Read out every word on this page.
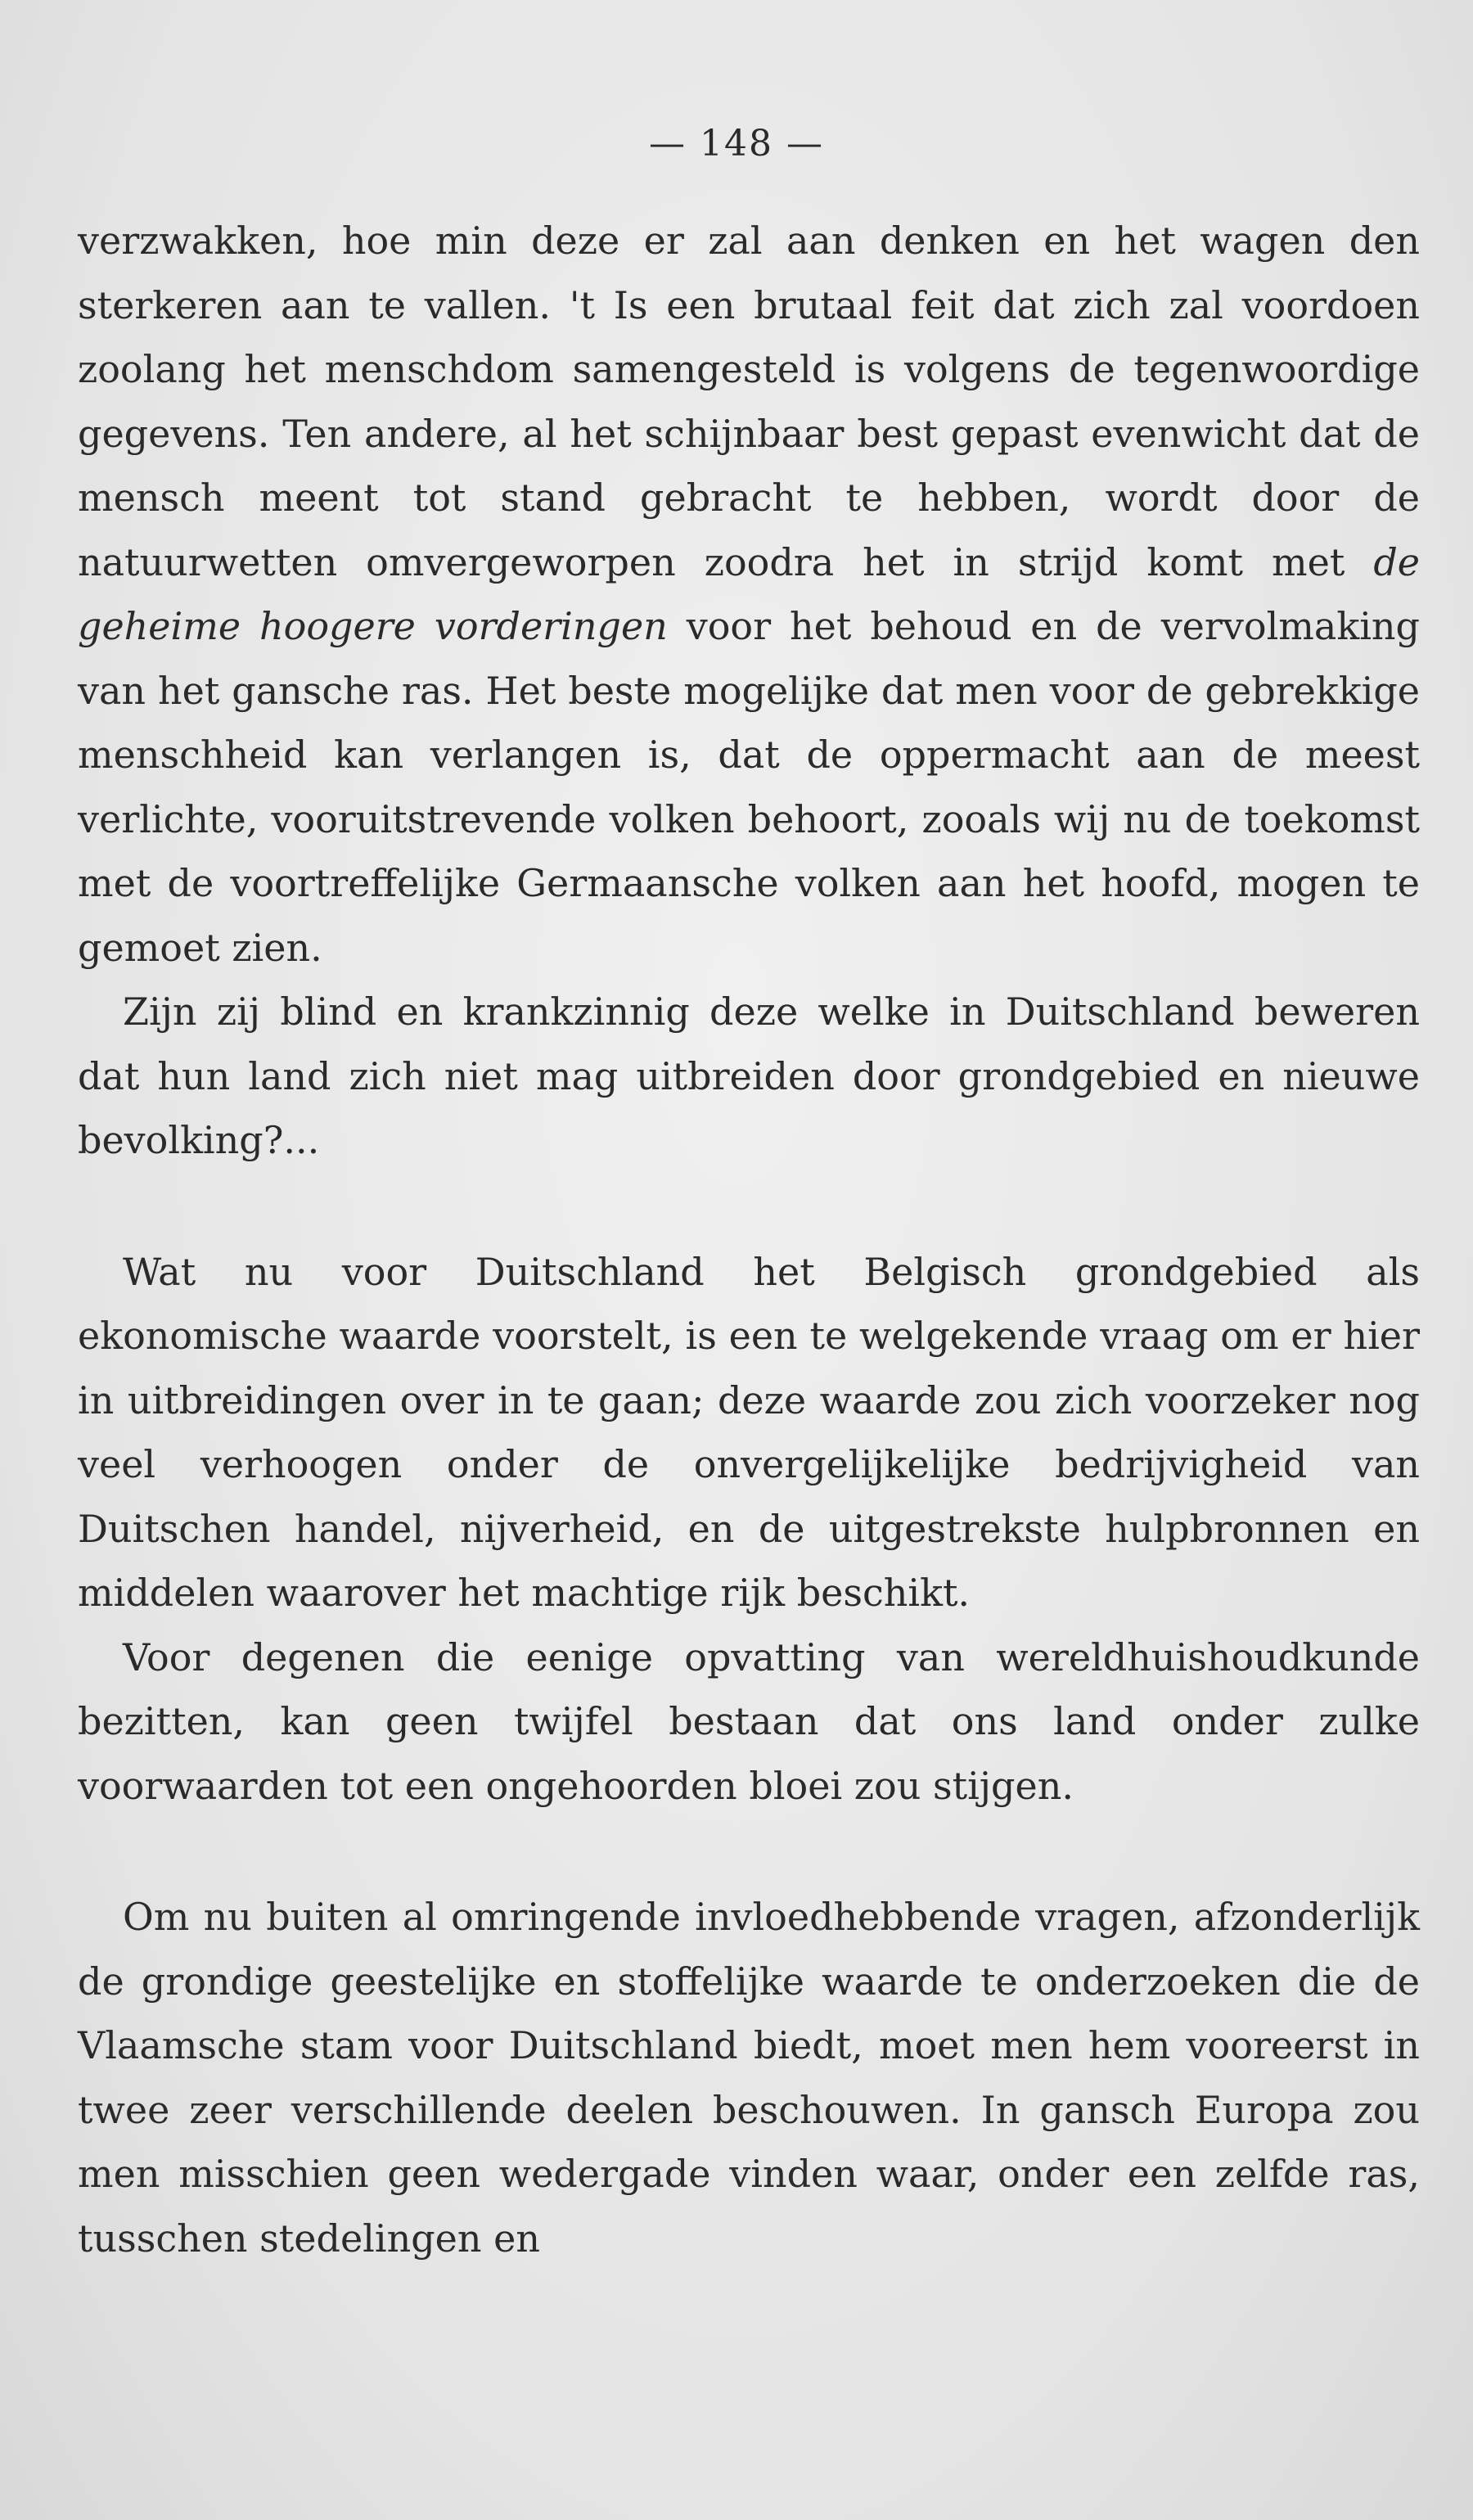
— 148 —

verzwakken, hoe min deze er zal aan denken en het wagen den sterkeren aan te vallen. 't Is een brutaal feit dat zich zal voordoen zoolang het menschdom samengesteld is volgens de tegenwoordige gegevens. Ten andere, al het schijnbaar best gepast evenwicht dat de mensch meent tot stand gebracht te hebben, wordt door de natuurwetten omvergeworpen zoodra het in strijd komt met de geheime hoogere vorderingen voor het behoud en de vervolmaking van het gansche ras. Het beste mogelijke dat men voor de gebrekkige menschheid kan verlangen is, dat de oppermacht aan de meest verlichte, vooruitstrevende volken behoort, zooals wij nu de toekomst met de voortreffelijke Germaansche volken aan het hoofd, mogen te gemoet zien.

Zijn zij blind en krankzinnig deze welke in Duitschland beweren dat hun land zich niet mag uitbreiden door grondgebied en nieuwe bevolking?...

Wat nu voor Duitschland het Belgisch grondgebied als ekonomische waarde voorstelt, is een te welgekende vraag om er hier in uitbreidingen over in te gaan; deze waarde zou zich voorzeker nog veel verhoogen onder de onvergelijkelijke bedrijvigheid van Duitschen handel, nijverheid, en de uitgestrekste hulpbronnen en middelen waarover het machtige rijk beschikt.

Voor degenen die eenige opvatting van wereldhuishoudkunde bezitten, kan geen twijfel bestaan dat ons land onder zulke voorwaarden tot een ongehoorden bloei zou stijgen.

Om nu buiten al omringende invloedhebbende vragen, afzonderlijk de grondige geestelijke en stoffelijke waarde te onderzoeken die de Vlaamsche stam voor Duitschland biedt, moet men hem vooreerst in twee zeer verschillende deelen beschouwen. In gansch Europa zou men misschien geen wedergade vinden waar, onder een zelfde ras, tusschen stedelingen en
